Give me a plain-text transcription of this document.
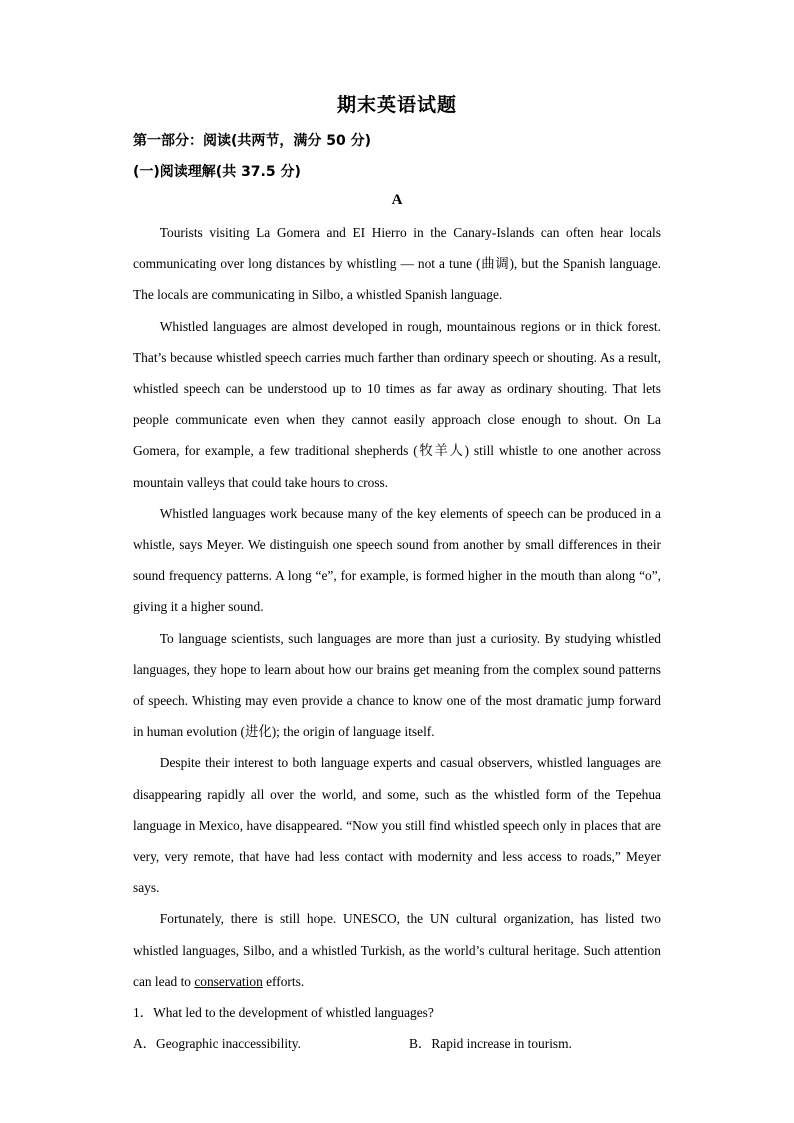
期末英语试题
第一部分：阅读(共两节，满分 50 分)
(一)阅读理解(共 37.5 分)
A

Tourists visiting La Gomera and EI Hierro in the Canary-Islands can often hear locals communicating over long distances by whistling — not a tune (曲调), but the Spanish language. The locals are communicating in Silbo, a whistled Spanish language.

Whistled languages are almost developed in rough, mountainous regions or in thick forest. That’s because whistled speech carries much farther than ordinary speech or shouting. As a result, whistled speech can be understood up to 10 times as far away as ordinary shouting. That lets people communicate even when they cannot easily approach close enough to shout. On La Gomera, for example, a few traditional shepherds (牧羊人) still whistle to one another across mountain valleys that could take hours to cross.

Whistled languages work because many of the key elements of speech can be produced in a whistle, says Meyer. We distinguish one speech sound from another by small differences in their sound frequency patterns. A long “e”, for example, is formed higher in the mouth than along “o”, giving it a higher sound.

To language scientists, such languages are more than just a curiosity. By studying whistled languages, they hope to learn about how our brains get meaning from the complex sound patterns of speech. Whisting may even provide a chance to know one of the most dramatic jump forward in human evolution (进化); the origin of language itself.

Despite their interest to both language experts and casual observers, whistled languages are disappearing rapidly all over the world, and some, such as the whistled form of the Tepehua language in Mexico, have disappeared. “Now you still find whistled speech only in places that are very, very remote, that have had less contact with modernity and less access to roads,” Meyer says.

Fortunately, there is still hope. UNESCO, the UN cultural organization, has listed two whistled languages, Silbo, and a whistled Turkish, as the world’s cultural heritage. Such attention can lead to conservation efforts.

1．What led to the development of whistled languages?

A．Geographic inaccessibility.	B．Rapid increase in tourism.
